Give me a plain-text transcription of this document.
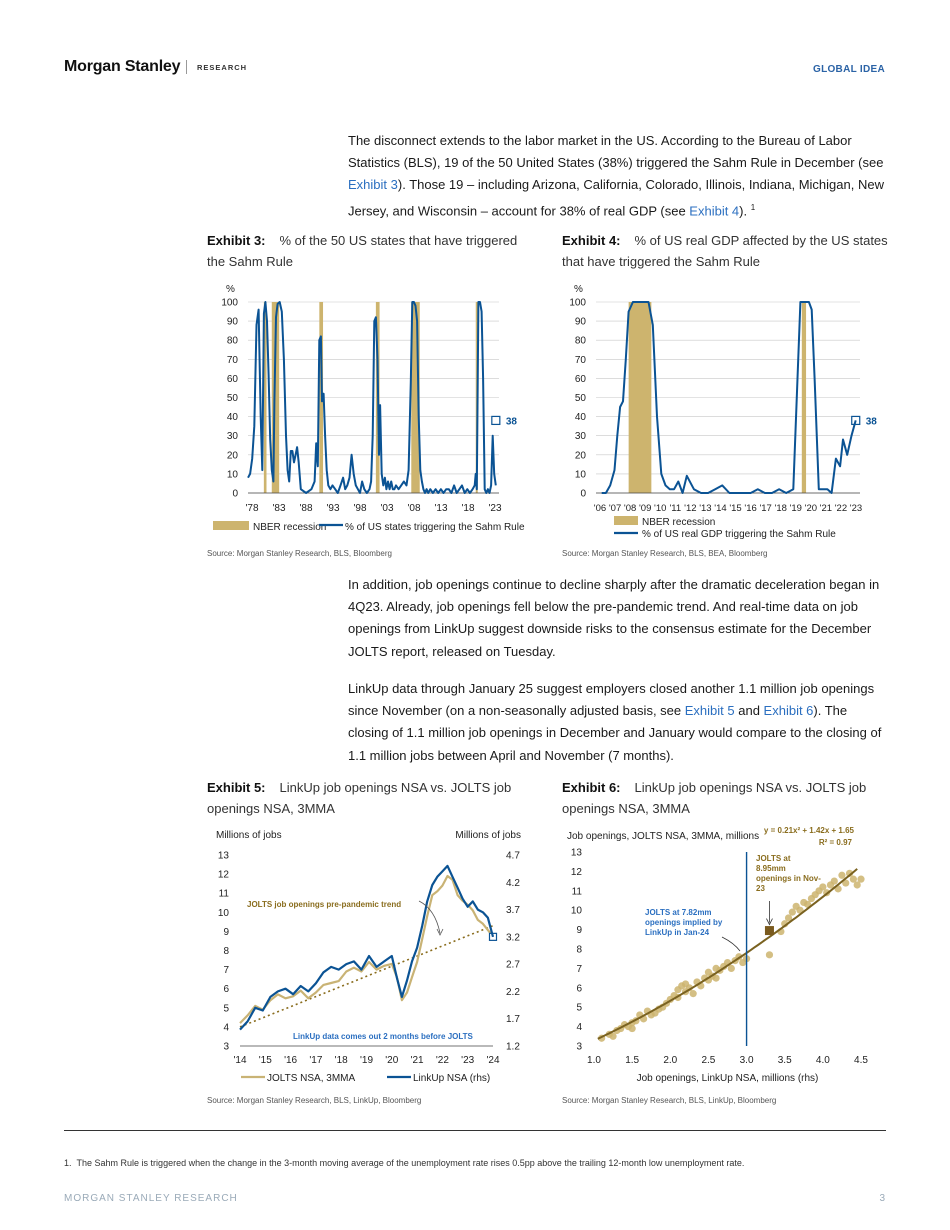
Morgan Stanley RESEARCH	GLOBAL IDEA
The disconnect extends to the labor market in the US. According to the Bureau of Labor Statistics (BLS), 19 of the 50 United States (38%) triggered the Sahm Rule in December (see Exhibit 3). Those 19 – including Arizona, California, Colorado, Illinois, Indiana, Michigan, New Jersey, and Wisconsin – account for 38% of real GDP (see Exhibit 4). $^1$
Exhibit 3: % of the 50 US states that have triggered the Sahm Rule
Exhibit 4: % of US real GDP affected by the US states that have triggered the Sahm Rule
0
10
20
30
40
50
60
70
80
90
100
%
'78 '83 '88 '93 '98 '03 '08 '13 '18 '23
38
NBER recession % of US states triggering the Sahm Rule
0
10
20
30
40
50
60
70
80
90
100
%
'06 '07 '08 '09 '10 '11 '12 '13 '14 '15 '16 '17 '18 '19 '20 '21 '22 '23
38
NBER recession
% of US real GDP triggering the Sahm Rule
Source: Morgan Stanley Research, BLS, Bloomberg	Source: Morgan Stanley Research, BLS, BEA, Bloomberg
In addition, job openings continue to decline sharply after the dramatic deceleration began in 4Q23. Already, job openings fell below the pre-pandemic trend. And real-time data on job openings from LinkUp suggest downside risks to the consensus estimate for the December JOLTS report, released on Tuesday.
LinkUp data through January 25 suggest employers closed another 1.1 million job openings since November (on a non-seasonally adjusted basis, see Exhibit 5 and Exhibit 6). The closing of 1.1 million job openings in December and January would compare to the closing of 1.1 million jobs between April and November (7 months).
Exhibit 5: LinkUp job openings NSA vs. JOLTS job openings NSA, 3MMA
Exhibit 6: LinkUp job openings NSA vs. JOLTS job openings NSA, 3MMA
Millions of jobs	Millions of jobs
3
4
5
6
7
8
9
10
11
12
13
1.2
1.7
2.2
2.7
3.2
3.7
4.2
4.7
'14 '15 '16 '17 '18 '19 '20 '21 '22 '23 '24
JOLTS job openings pre-pandemic trend
LinkUp data comes out 2 months before JOLTS
JOLTS NSA, 3MMA	LinkUp NSA (rhs)
Job openings, JOLTS NSA, 3MMA, millions
3
4
5
6
7
8
9
10
11
12
13
1.0 1.5 2.0 2.5 3.0 3.5 4.0 4.5
Job openings, LinkUp NSA, millions (rhs)
JOLTS at 8.95mm openings in Nov-23
JOLTS at 7.82mm openings implied by LinkUp in Jan-24
y = 0.21x² + 1.42x + 1.65
R² = 0.97
Source: Morgan Stanley Research, BLS, LinkUp, Bloomberg	Source: Morgan Stanley Research, BLS, LinkUp, Bloomberg
1. The Sahm Rule is triggered when the change in the 3-month moving average of the unemployment rate rises 0.5pp above the trailing 12-month low unemployment rate.
MORGAN STANLEY RESEARCH	3
